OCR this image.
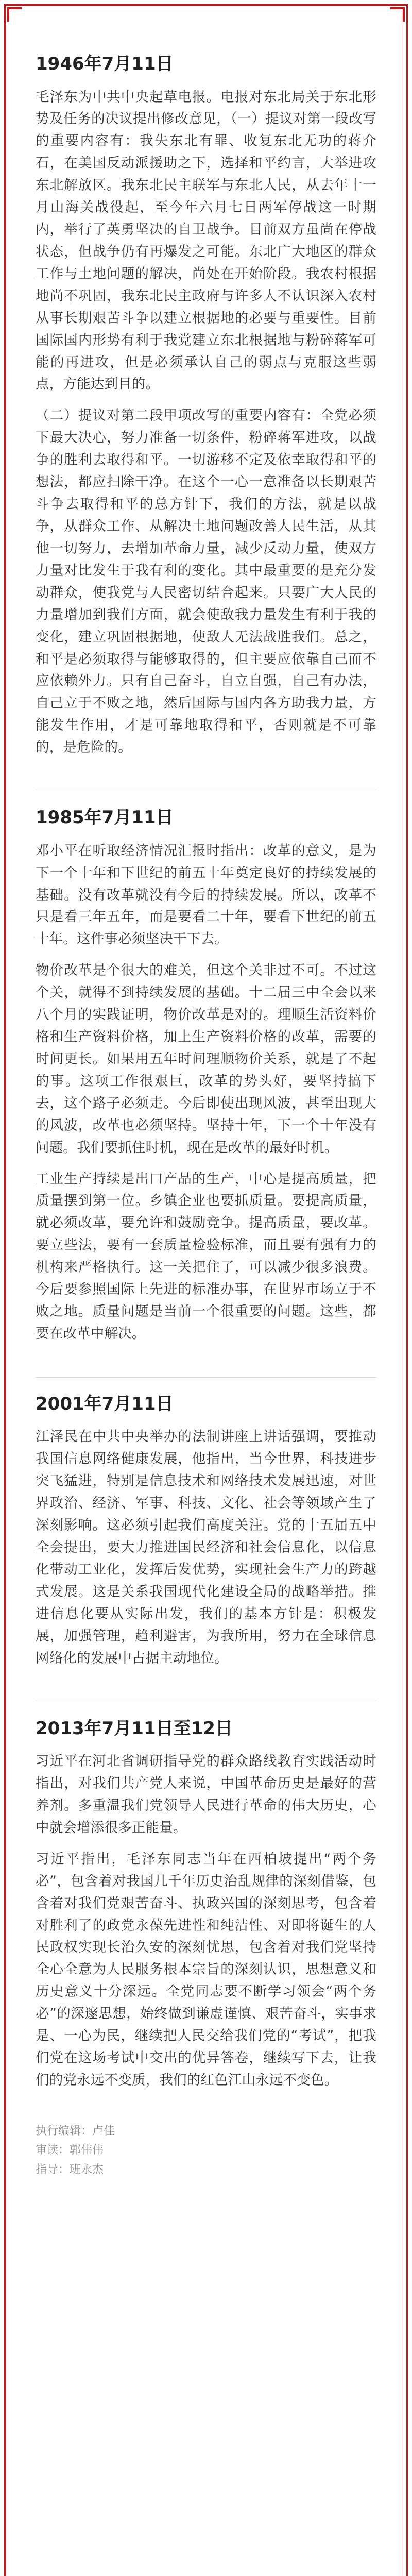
1946年7月11日

毛泽东为中共中央起草电报。电报对东北局关于东北形势及任务的决议提出修改意见，（一）提议对第一段改写的重要内容有：我失东北有罪、收复东北无功的蒋介石，在美国反动派援助之下，选择和平约言，大举进攻东北解放区。我东北民主联军与东北人民，从去年十一月山海关战役起，至今年六月七日两军停战这一时期内，举行了英勇坚决的自卫战争。目前双方虽尚在停战状态，但战争仍有再爆发之可能。东北广大地区的群众工作与土地问题的解决，尚处在开始阶段。我农村根据地尚不巩固，我东北民主政府与许多人不认识深入农村从事长期艰苦斗争以建立根据地的必要与重要性。目前国际国内形势有利于我党建立东北根据地与粉碎蒋军可能的再进攻，但是必须承认自己的弱点与克服这些弱点，方能达到目的。

（二）提议对第二段甲项改写的重要内容有：全党必须下最大决心，努力准备一切条件，粉碎蒋军进攻，以战争的胜利去取得和平。一切游移不定及依幸取得和平的想法，都应扫除干净。在这个一心一意准备以长期艰苦斗争去取得和平的总方针下，我们的方法，就是以战争，从群众工作、从解决土地问题改善人民生活，从其他一切努力，去增加革命力量，减少反动力量，使双方力量对比发生于我有利的变化。其中最重要的是充分发动群众，使我党与人民密切结合起来。只要广大人民的力量增加到我们方面，就会使敌我力量发生有利于我的变化，建立巩固根据地，使敌人无法战胜我们。总之，和平是必须取得与能够取得的，但主要应依靠自己而不应依赖外力。只有自己奋斗，自立自强，自己有办法，自己立于不败之地，然后国际与国内各方助我力量，方能发生作用，才是可靠地取得和平，否则就是不可靠的，是危险的。

1985年7月11日

邓小平在听取经济情况汇报时指出：改革的意义，是为下一个十年和下世纪的前五十年奠定良好的持续发展的基础。没有改革就没有今后的持续发展。所以，改革不只是看三年五年，而是要看二十年，要看下世纪的前五十年。这件事必须坚决干下去。

物价改革是个很大的难关，但这个关非过不可。不过这个关，就得不到持续发展的基础。十二届三中全会以来八个月的实践证明，物价改革是对的。理顺生活资料价格和生产资料价格，加上生产资料价格的改革，需要的时间更长。如果用五年时间理顺物价关系，就是了不起的事。这项工作很艰巨，改革的势头好，要坚持搞下去，这个路子必须走。今后即使出现风波，甚至出现大的风波，改革也必须坚持。坚持十年，下一个十年没有问题。我们要抓住时机，现在是改革的最好时机。

工业生产持续是出口产品的生产，中心是提高质量，把质量摆到第一位。乡镇企业也要抓质量。要提高质量，就必须改革，要允许和鼓励竞争。提高质量，要改革。要立些法，要有一套质量检验标准，而且要有强有力的机构来严格执行。这一关把住了，可以减少很多浪费。今后要参照国际上先进的标准办事，在世界市场立于不败之地。质量问题是当前一个很重要的问题。这些，都要在改革中解决。

2001年7月11日

江泽民在中共中央举办的法制讲座上讲话强调，要推动我国信息网络健康发展，他指出，当今世界，科技进步突飞猛进，特别是信息技术和网络技术发展迅速，对世界政治、经济、军事、科技、文化、社会等领域产生了深刻影响。这必须引起我们高度关注。党的十五届五中全会提出，要大力推进国民经济和社会信息化，以信息化带动工业化，发挥后发优势，实现社会生产力的跨越式发展。这是关系我国现代化建设全局的战略举措。推进信息化要从实际出发，我们的基本方针是：积极发展，加强管理，趋利避害，为我所用，努力在全球信息网络化的发展中占据主动地位。

2013年7月11日至12日

习近平在河北省调研指导党的群众路线教育实践活动时指出，对我们共产党人来说，中国革命历史是最好的营养剂。多重温我们党领导人民进行革命的伟大历史，心中就会增添很多正能量。

习近平指出，毛泽东同志当年在西柏坡提出“两个务必”，包含着对我国几千年历史治乱规律的深刻借鉴，包含着对我们党艰苦奋斗、执政兴国的深刻思考，包含着对胜利了的政党永葆先进性和纯洁性、对即将诞生的人民政权实现长治久安的深刻忧思，包含着对我们党坚持全心全意为人民服务根本宗旨的深刻认识，思想意义和历史意义十分深远。全党同志要不断学习领会“两个务必”的深邃思想，始终做到谦虚谨慎、艰苦奋斗，实事求是、一心为民，继续把人民交给我们党的“考试”，把我们党在这场考试中交出的优异答卷，继续写下去，让我们的党永远不变质，我们的红色江山永远不变色。

执行编辑：卢佳
审读：郭伟伟
指导：班永杰
